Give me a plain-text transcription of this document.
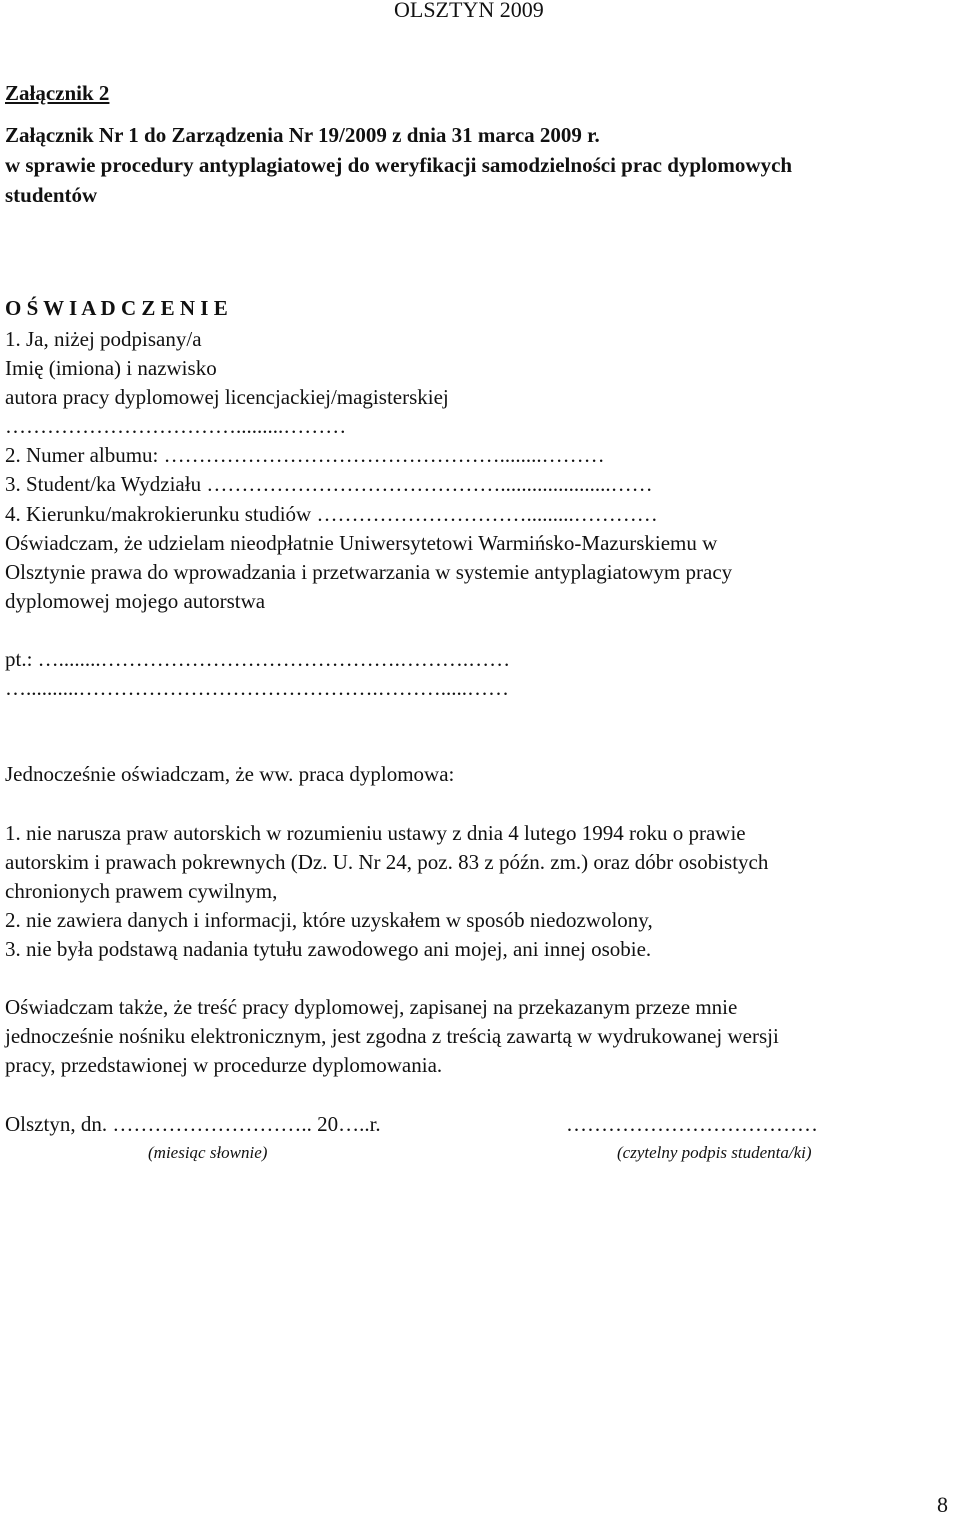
OLSZTYN 2009
Załącznik 2
Załącznik Nr 1 do Zarządzenia Nr 19/2009 z dnia 31 marca 2009 r.
w sprawie procedury antyplagiatowej do weryfikacji samodzielności prac dyplomowych
studentów
O Ś W I A D C Z E N I E
1. Ja, niżej podpisany/a
Imię (imiona) i nazwisko
autora pracy dyplomowej licencjackiej/magisterskiej
…………………………….........………
2. Numer albumu: …………………………………………........………
3. Student/ka Wydziału …………………………………….....................……
4. Kierunku/makrokierunku studiów ………………………….........…………
Oświadczam, że udzielam nieodpłatnie Uniwersytetowi Warmińsko-Mazurskiemu w
Olsztynie prawa do wprowadzania i przetwarzania w systemie antyplagiatowym pracy
dyplomowej mojego autorstwa
pt.: …........…………………………………….……….……
…..........…………………………………….……….....……
Jednocześnie oświadczam, że ww. praca dyplomowa:
1. nie narusza praw autorskich w rozumieniu ustawy z dnia 4 lutego 1994 roku o prawie
autorskim i prawach pokrewnych (Dz. U. Nr 24, poz. 83 z późn. zm.) oraz dóbr osobistych
chronionych prawem cywilnym,
2. nie zawiera danych i informacji, które uzyskałem w sposób niedozwolony,
3. nie była podstawą nadania tytułu zawodowego ani mojej, ani innej osobie.
Oświadczam także, że treść pracy dyplomowej, zapisanej na przekazanym przeze mnie
jednocześnie nośniku elektronicznym, jest zgodna z treścią zawartą w wydrukowanej wersji
pracy, przedstawionej w procedurze dyplomowania.
Olsztyn, dn. ……………………….. 20…..r.	………………………………
(miesiąc słownie)	(czytelny podpis studenta/ki)
8
